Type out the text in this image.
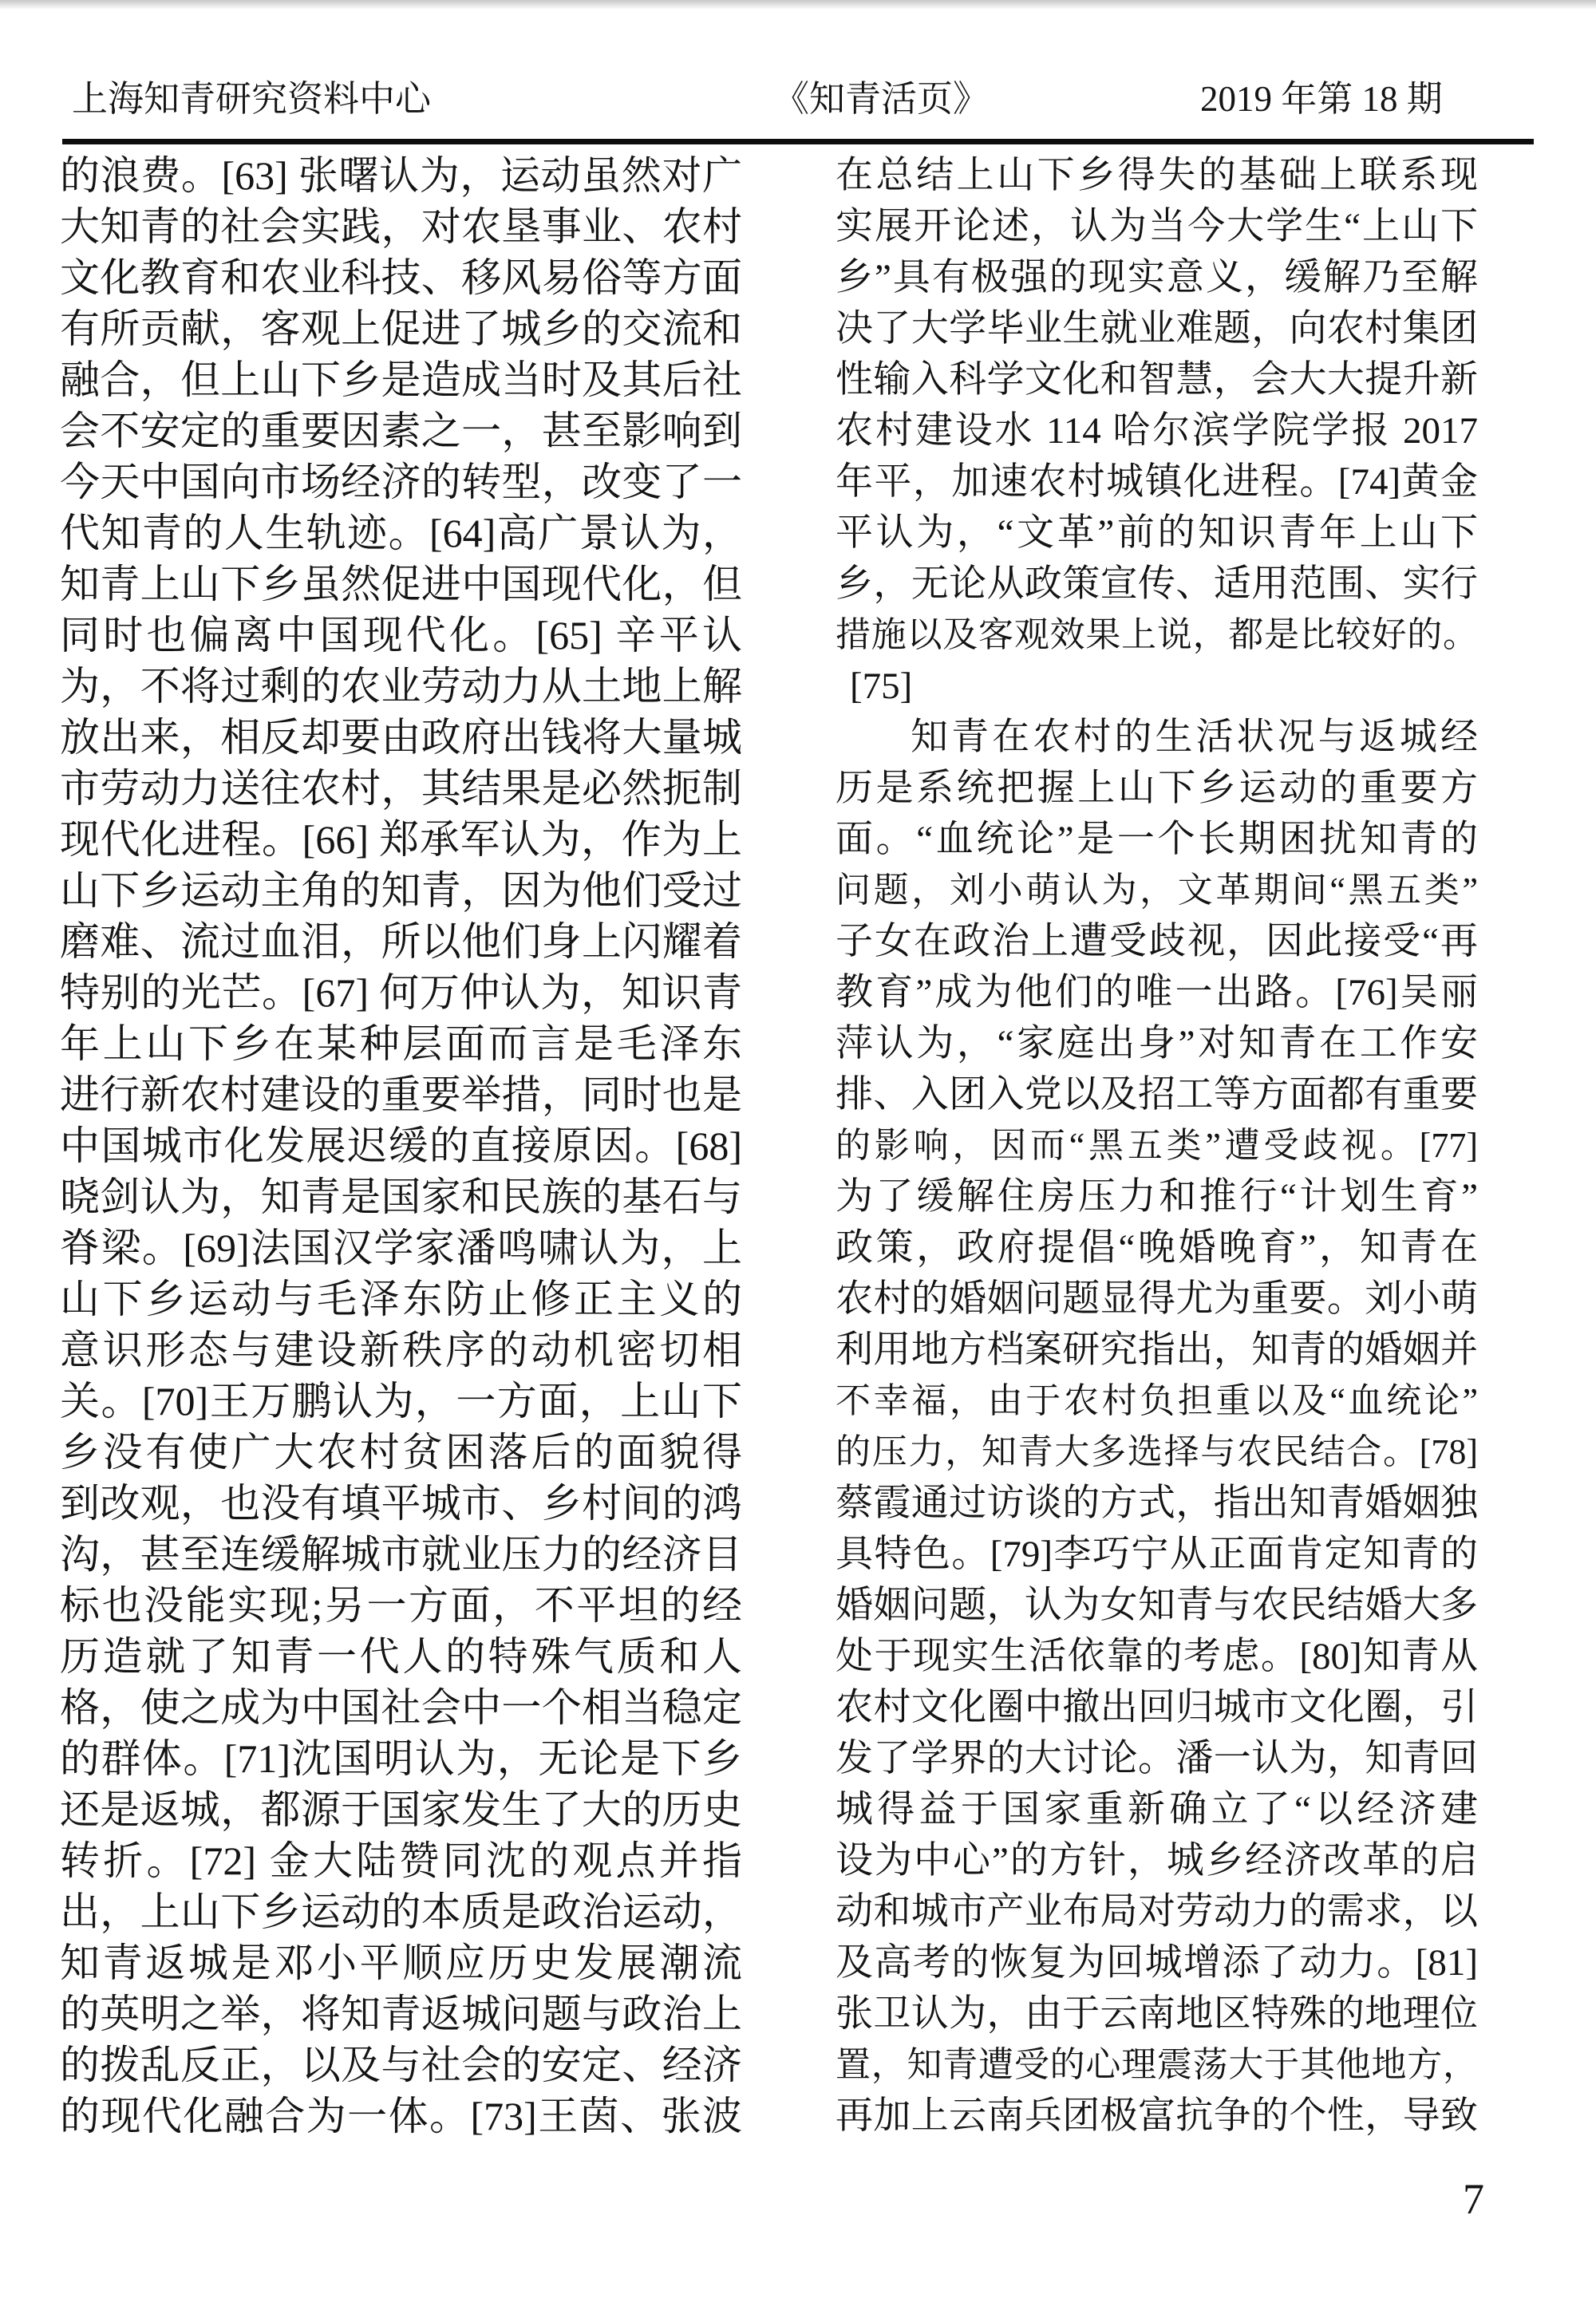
上海知青研究资料中心	《知青活页》	2019 年第 18 期
的浪费。[63] 张曙认为，运动虽然对广
大知青的社会实践，对农垦事业、农村
文化教育和农业科技、移风易俗等方面
有所贡献，客观上促进了城乡的交流和
融合，但上山下乡是造成当时及其后社
会不安定的重要因素之一，甚至影响到
今天中国向市场经济的转型，改变了一
代知青的人生轨迹。[64]高广景认为，
知青上山下乡虽然促进中国现代化，但
同时也偏离中国现代化。[65] 辛平认
为，不将过剩的农业劳动力从土地上解
放出来，相反却要由政府出钱将大量城
市劳动力送往农村，其结果是必然扼制
现代化进程。[66] 郑承军认为，作为上
山下乡运动主角的知青，因为他们受过
磨难、流过血泪，所以他们身上闪耀着
特别的光芒。[67] 何万仲认为，知识青
年上山下乡在某种层面而言是毛泽东
进行新农村建设的重要举措，同时也是
中国城市化发展迟缓的直接原因。[68]
晓剑认为，知青是国家和民族的基石与
脊梁。[69]法国汉学家潘鸣啸认为，上
山下乡运动与毛泽东防止修正主义的
意识形态与建设新秩序的动机密切相
关。[70]王万鹏认为，一方面，上山下
乡没有使广大农村贫困落后的面貌得
到改观，也没有填平城市、乡村间的鸿
沟，甚至连缓解城市就业压力的经济目
标也没能实现;另一方面，不平坦的经
历造就了知青一代人的特殊气质和人
格，使之成为中国社会中一个相当稳定
的群体。[71]沈国明认为，无论是下乡
还是返城，都源于国家发生了大的历史
转折。[72] 金大陆赞同沈的观点并指
出，上山下乡运动的本质是政治运动，
知青返城是邓小平顺应历史发展潮流
的英明之举，将知青返城问题与政治上
的拨乱反正，以及与社会的安定、经济
的现代化融合为一体。[73]王茵、张波
在总结上山下乡得失的基础上联系现
实展开论述，认为当今大学生“上山下
乡”具有极强的现实意义，缓解乃至解
决了大学毕业生就业难题，向农村集团
性输入科学文化和智慧，会大大提升新
农村建设水 114 哈尔滨学院学报 2017
年平，加速农村城镇化进程。[74]黄金
平认为，“文革”前的知识青年上山下
乡，无论从政策宣传、适用范围、实行
措施以及客观效果上说，都是比较好的。
[75]
知青在农村的生活状况与返城经
历是系统把握上山下乡运动的重要方
面。“血统论”是一个长期困扰知青的
问题，刘小萌认为，文革期间“黑五类”
子女在政治上遭受歧视，因此接受“再
教育”成为他们的唯一出路。[76]吴丽
萍认为，“家庭出身”对知青在工作安
排、入团入党以及招工等方面都有重要
的影响，因而“黑五类”遭受歧视。[77]
为了缓解住房压力和推行“计划生育”
政策，政府提倡“晚婚晚育”，知青在
农村的婚姻问题显得尤为重要。刘小萌
利用地方档案研究指出，知青的婚姻并
不幸福，由于农村负担重以及“血统论”
的压力，知青大多选择与农民结合。[78]
蔡霞通过访谈的方式，指出知青婚姻独
具特色。[79]李巧宁从正面肯定知青的
婚姻问题，认为女知青与农民结婚大多
处于现实生活依靠的考虑。[80]知青从
农村文化圈中撤出回归城市文化圈，引
发了学界的大讨论。潘一认为，知青回
城得益于国家重新确立了“以经济建
设为中心”的方针，城乡经济改革的启
动和城市产业布局对劳动力的需求，以
及高考的恢复为回城增添了动力。[81]
张卫认为，由于云南地区特殊的地理位
置，知青遭受的心理震荡大于其他地方，
再加上云南兵团极富抗争的个性，导致
7
